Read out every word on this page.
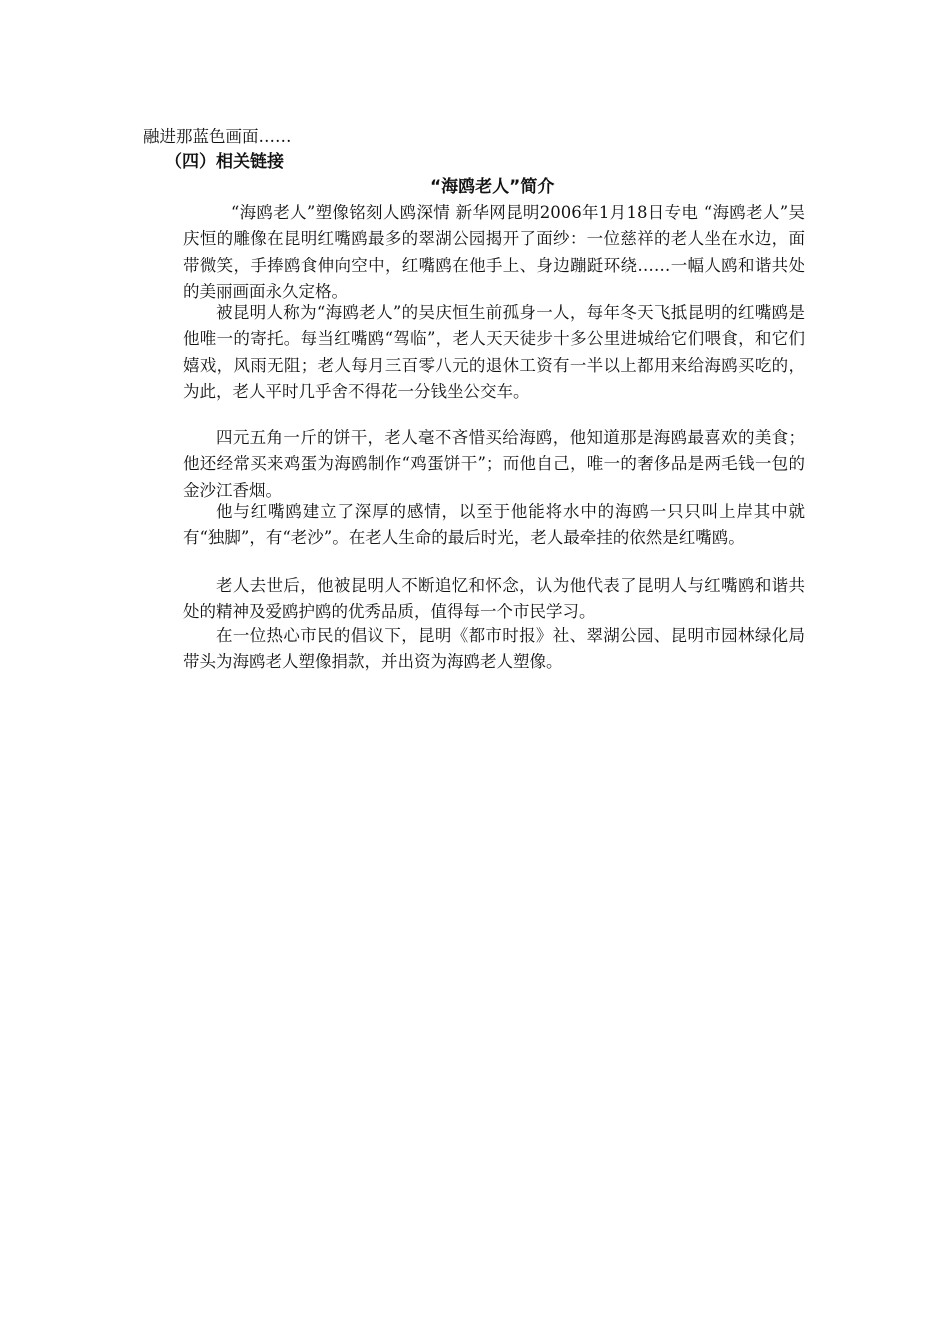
融进那蓝色画面……
（四）相关链接
“海鸥老人”简介

“海鸥老人”塑像铭刻人鸥深情 新华网昆明2006年1月18日专电 “海鸥老人”吴庆恒的雕像在昆明红嘴鸥最多的翠湖公园揭开了面纱：一位慈祥的老人坐在水边，面带微笑，手捧鸥食伸向空中，红嘴鸥在他手上、身边蹦跹环绕……一幅人鸥和谐共处的美丽画面永久定格。

被昆明人称为“海鸥老人”的吴庆恒生前孤身一人，每年冬天飞抵昆明的红嘴鸥是他唯一的寄托。每当红嘴鸥“驾临”，老人天天徒步十多公里进城给它们喂食，和它们嬉戏，风雨无阻；老人每月三百零八元的退休工资有一半以上都用来给海鸥买吃的，为此，老人平时几乎舍不得花一分钱坐公交车。

四元五角一斤的饼干，老人毫不吝惜买给海鸥，他知道那是海鸥最喜欢的美食；他还经常买来鸡蛋为海鸥制作“鸡蛋饼干”；而他自己，唯一的奢侈品是两毛钱一包的金沙江香烟。

他与红嘴鸥建立了深厚的感情，以至于他能将水中的海鸥一只只叫上岸其中就有“独脚”，有“老沙”。在老人生命的最后时光，老人最牵挂的依然是红嘴鸥。

老人去世后，他被昆明人不断追忆和怀念，认为他代表了昆明人与红嘴鸥和谐共处的精神及爱鸥护鸥的优秀品质，值得每一个市民学习。

在一位热心市民的倡议下，昆明《都市时报》社、翠湖公园、昆明市园林绿化局带头为海鸥老人塑像捐款，并出资为海鸥老人塑像。
